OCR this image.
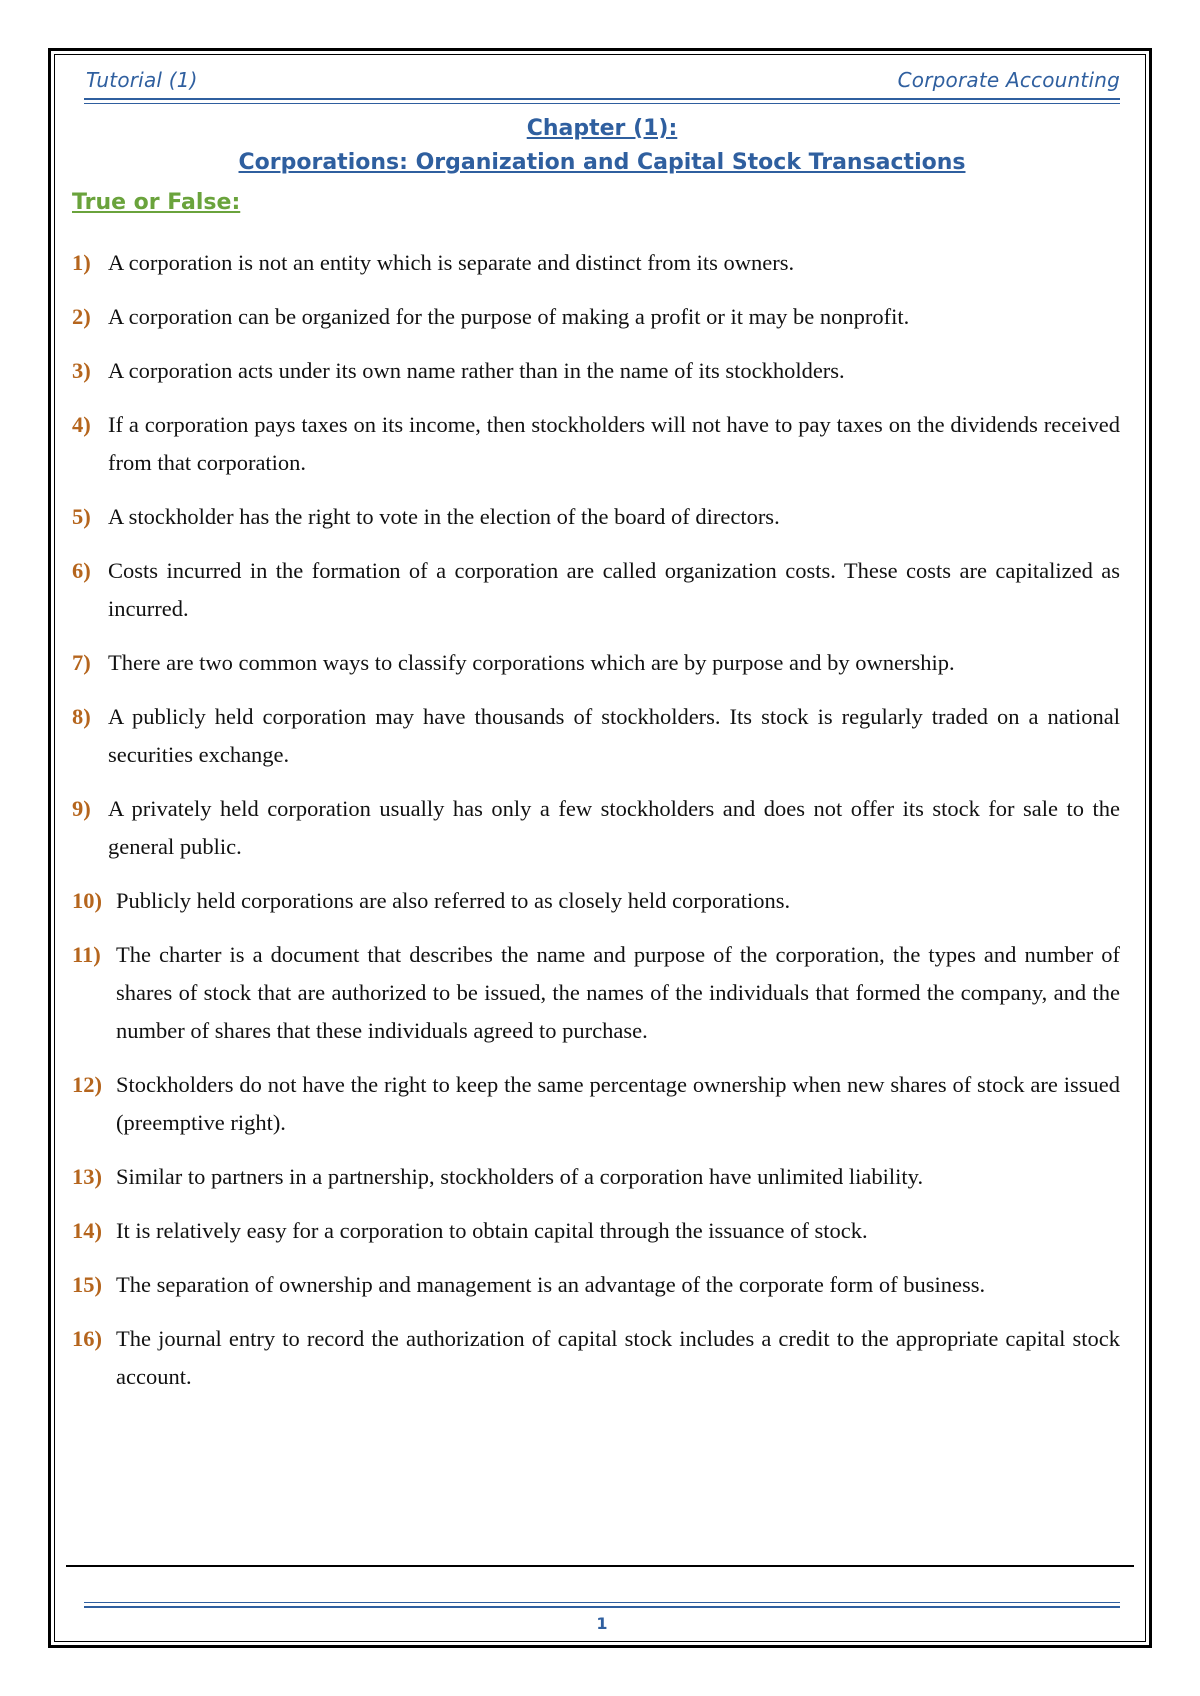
Tutorial (1)	Corporate Accounting
Chapter (1):
Corporations: Organization and Capital Stock Transactions
True or False:
1) A corporation is not an entity which is separate and distinct from its owners.
2) A corporation can be organized for the purpose of making a profit or it may be nonprofit.
3) A corporation acts under its own name rather than in the name of its stockholders.
4) If a corporation pays taxes on its income, then stockholders will not have to pay taxes on the dividends received from that corporation.
5) A stockholder has the right to vote in the election of the board of directors.
6) Costs incurred in the formation of a corporation are called organization costs. These costs are capitalized as incurred.
7) There are two common ways to classify corporations which are by purpose and by ownership.
8) A publicly held corporation may have thousands of stockholders. Its stock is regularly traded on a national securities exchange.
9) A privately held corporation usually has only a few stockholders and does not offer its stock for sale to the general public.
10) Publicly held corporations are also referred to as closely held corporations.
11) The charter is a document that describes the name and purpose of the corporation, the types and number of shares of stock that are authorized to be issued, the names of the individuals that formed the company, and the number of shares that these individuals agreed to purchase.
12) Stockholders do not have the right to keep the same percentage ownership when new shares of stock are issued (preemptive right).
13) Similar to partners in a partnership, stockholders of a corporation have unlimited liability.
14) It is relatively easy for a corporation to obtain capital through the issuance of stock.
15) The separation of ownership and management is an advantage of the corporate form of business.
16) The journal entry to record the authorization of capital stock includes a credit to the appropriate capital stock account.
1
